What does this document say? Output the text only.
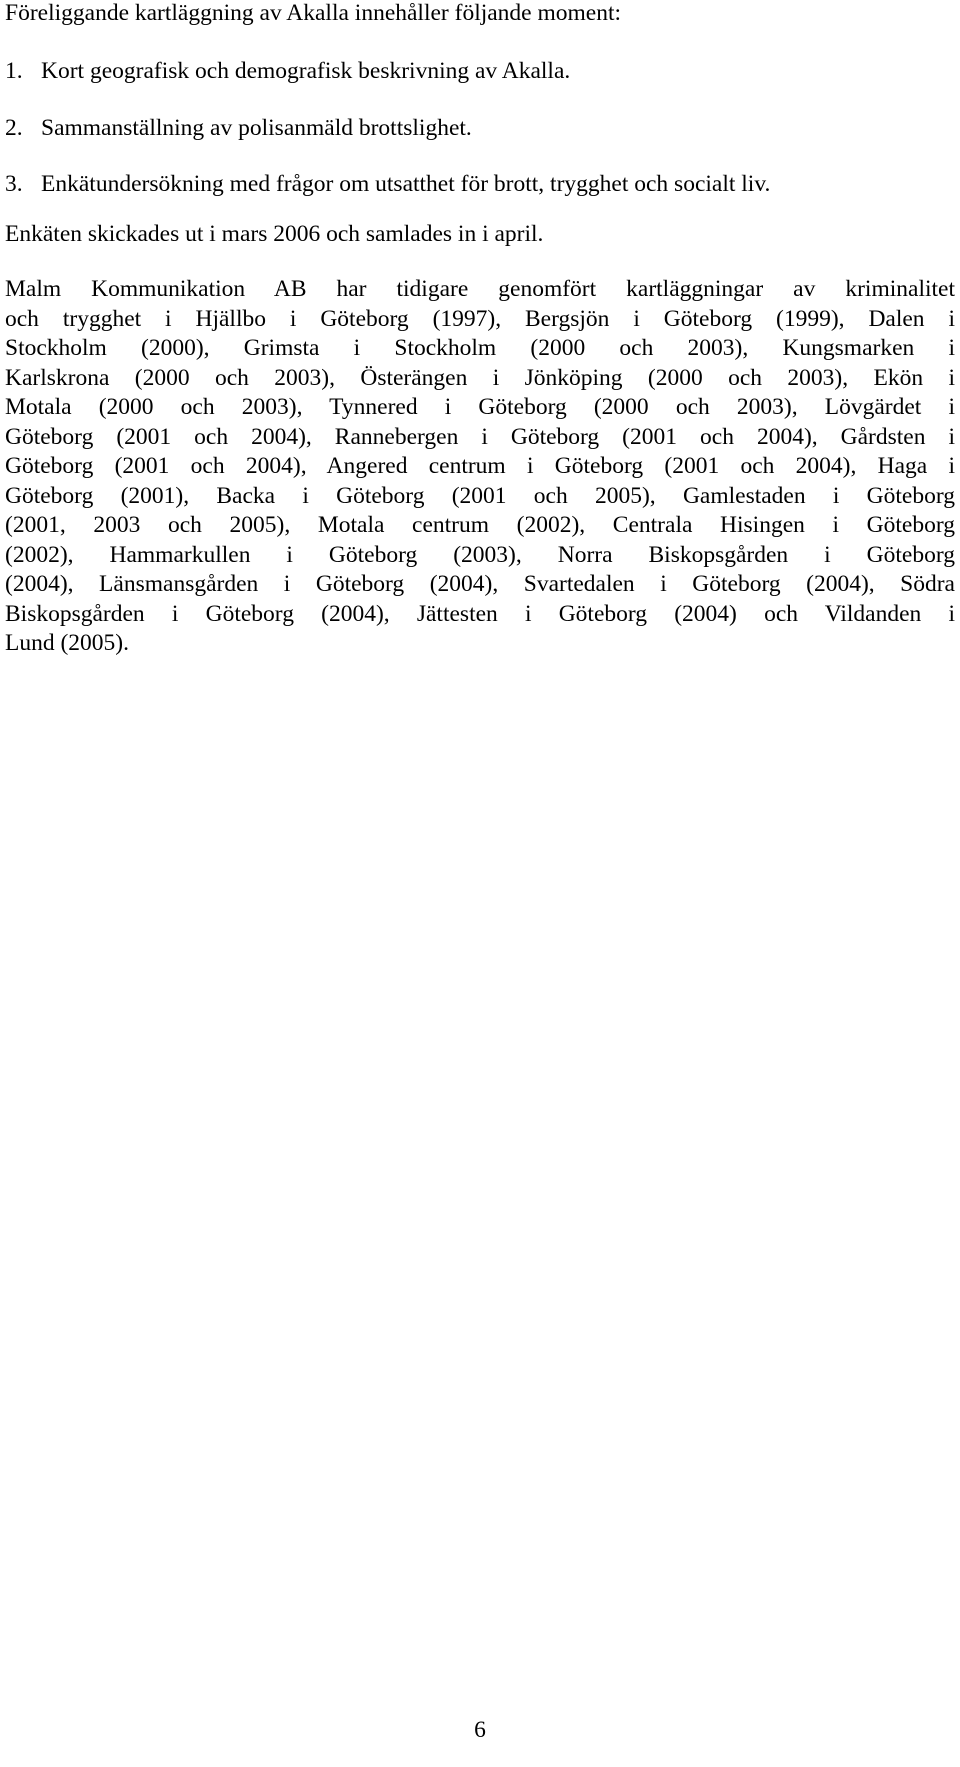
Föreliggande kartläggning av Akalla innehåller följande moment:
1. Kort geografisk och demografisk beskrivning av Akalla.
2. Sammanställning av polisanmäld brottslighet.
3. Enkätundersökning med frågor om utsatthet för brott, trygghet och socialt liv.
Enkäten skickades ut i mars 2006 och samlades in i april.
Malm Kommunikation AB har tidigare genomfört kartläggningar av kriminalitet
och trygghet i Hjällbo i Göteborg (1997), Bergsjön i Göteborg (1999), Dalen i
Stockholm (2000), Grimsta i Stockholm (2000 och 2003), Kungsmarken i
Karlskrona (2000 och 2003), Österängen i Jönköping (2000 och 2003), Ekön i
Motala (2000 och 2003), Tynnered i Göteborg (2000 och 2003), Lövgärdet i
Göteborg (2001 och 2004), Rannebergen i Göteborg (2001 och 2004), Gårdsten i
Göteborg (2001 och 2004), Angered centrum i Göteborg (2001 och 2004), Haga i
Göteborg (2001), Backa i Göteborg (2001 och 2005), Gamlestaden i Göteborg
(2001, 2003 och 2005), Motala centrum (2002), Centrala Hisingen i Göteborg
(2002), Hammarkullen i Göteborg (2003), Norra Biskopsgården i Göteborg
(2004), Länsmansgården i Göteborg (2004), Svartedalen i Göteborg (2004), Södra
Biskopsgården i Göteborg (2004), Jättesten i Göteborg (2004) och Vildanden i
Lund (2005).
6
